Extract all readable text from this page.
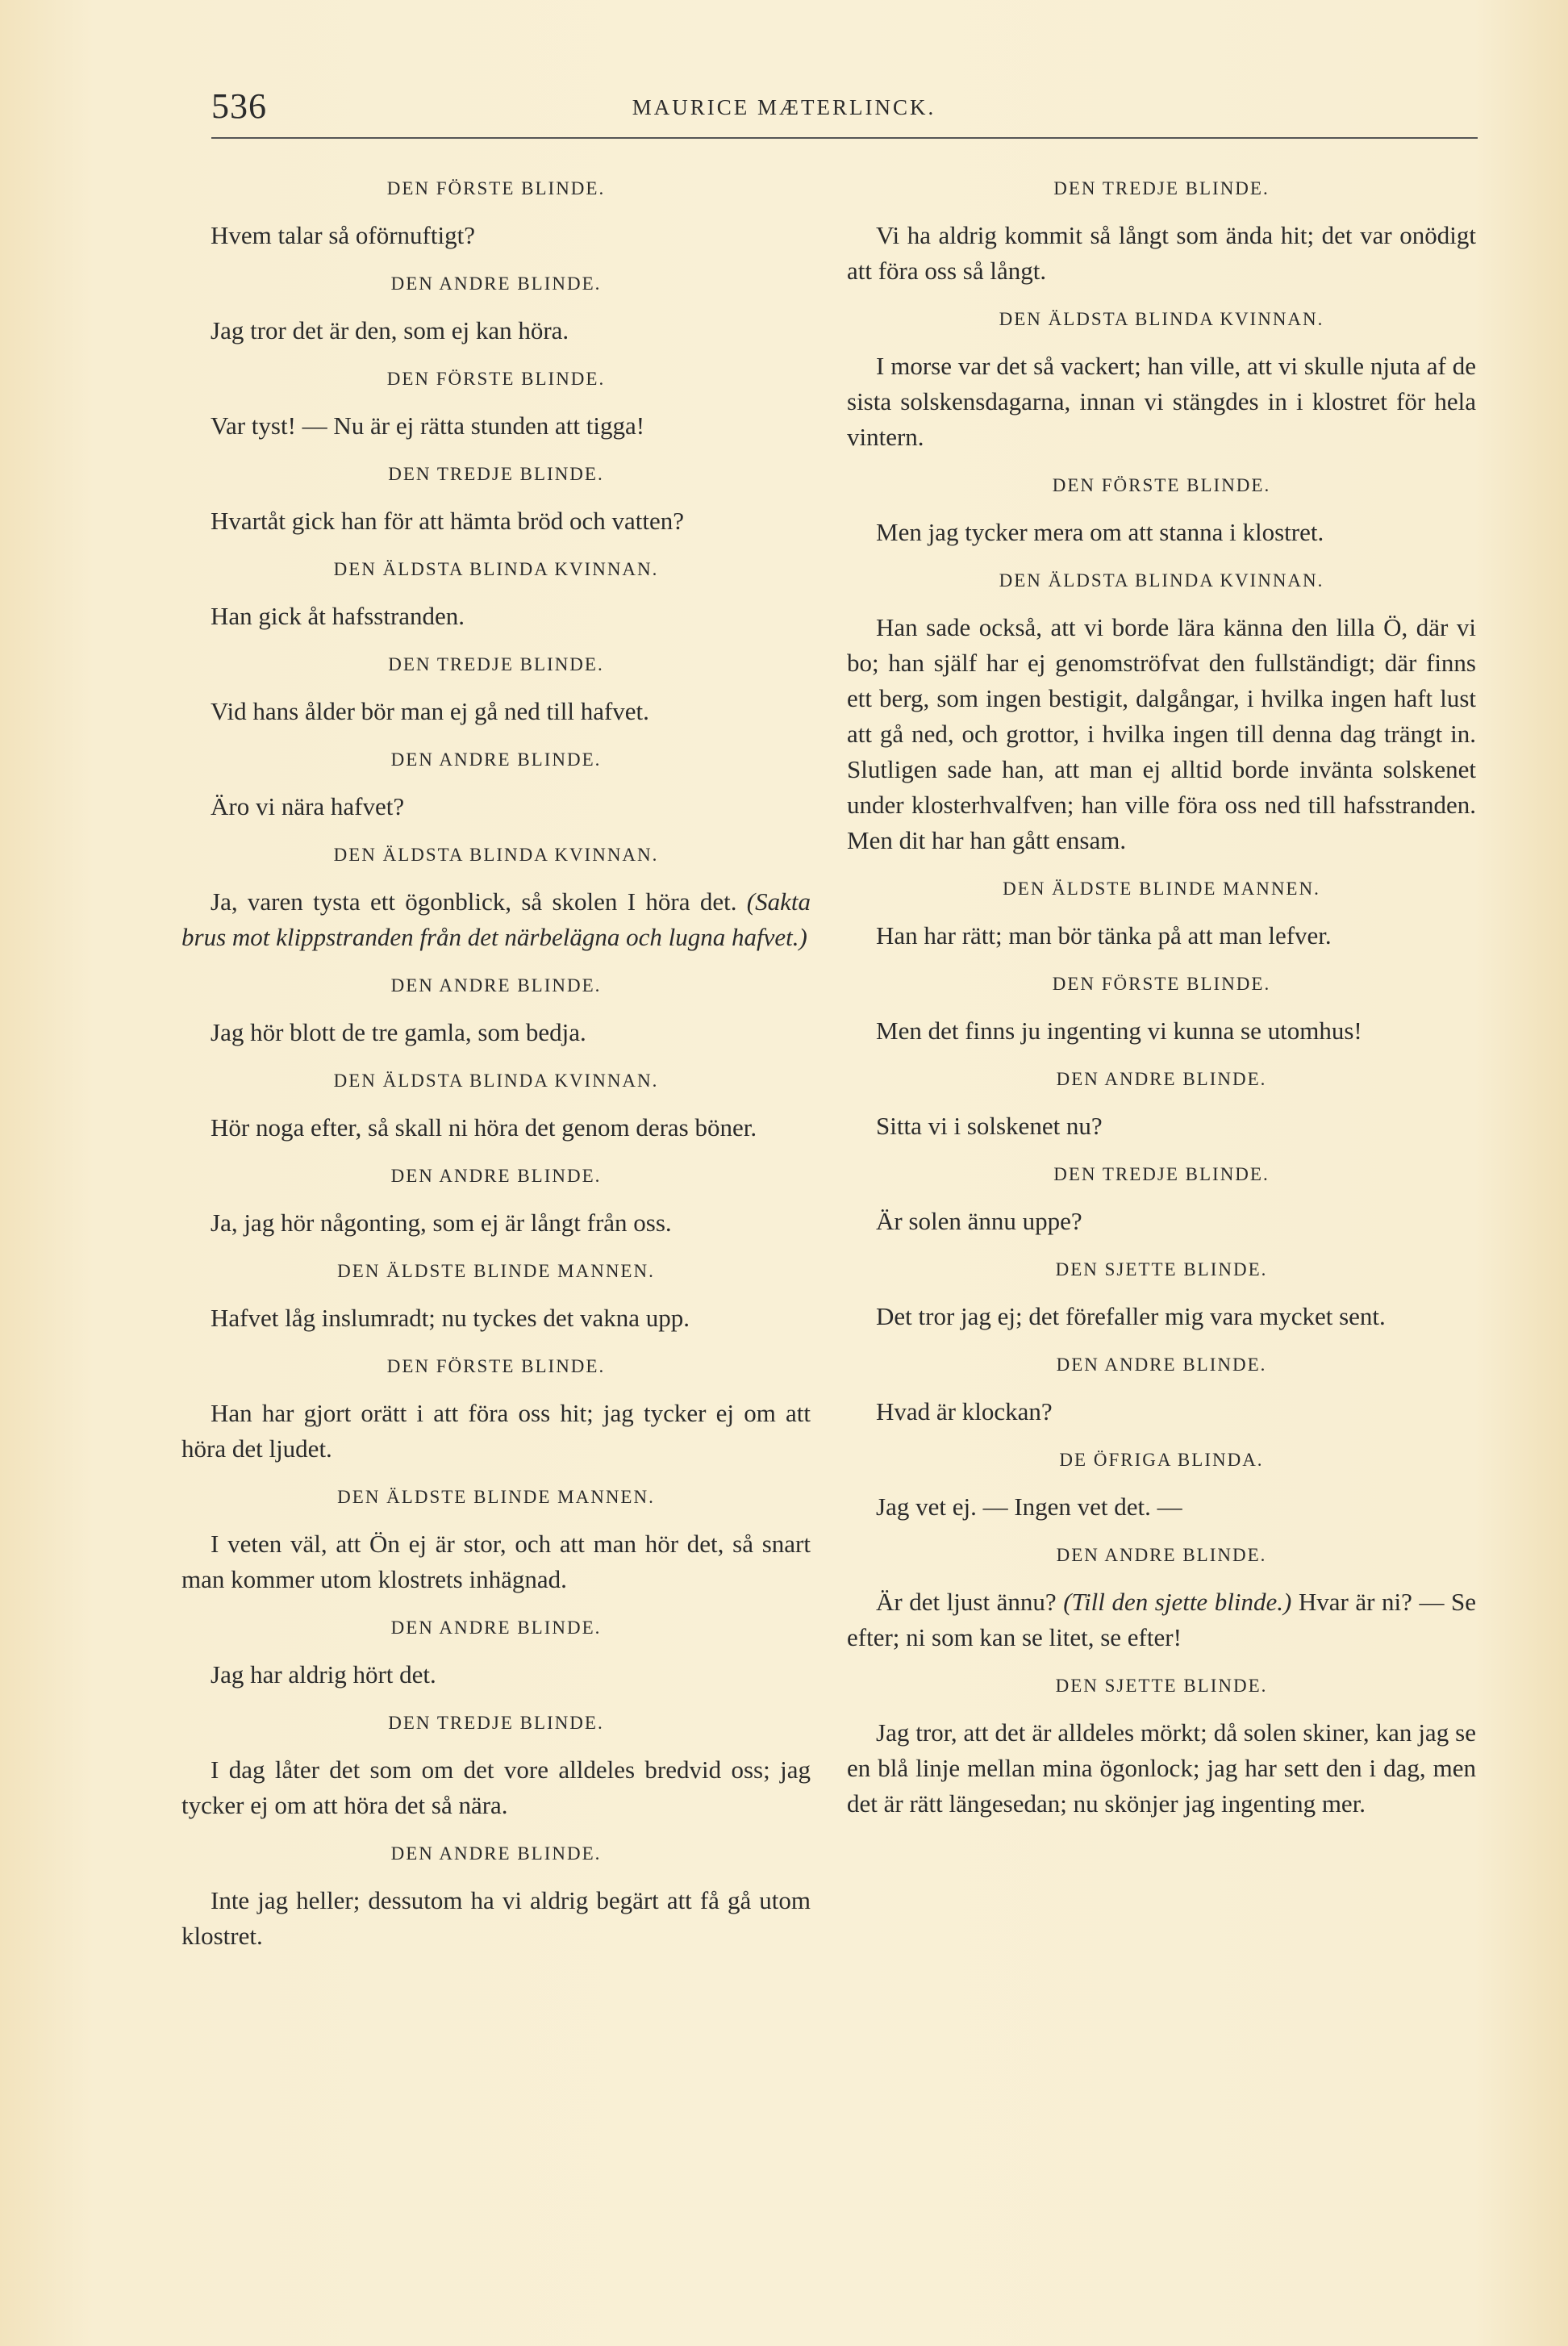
536	MAURICE MÆTERLINCK.
DEN FÖRSTE BLINDE.

Hvem talar så oförnuftigt?

DEN ANDRE BLINDE.

Jag tror det är den, som ej kan höra.

DEN FÖRSTE BLINDE.

Var tyst! — Nu är ej rätta stunden att tigga!

DEN TREDJE BLINDE.

Hvartåt gick han för att hämta bröd och vatten?

DEN ÄLDSTA BLINDA KVINNAN.

Han gick åt hafsstranden.

DEN TREDJE BLINDE.

Vid hans ålder bör man ej gå ned till hafvet.

DEN ANDRE BLINDE.

Äro vi nära hafvet?

DEN ÄLDSTA BLINDA KVINNAN.

Ja, varen tysta ett ögonblick, så skolen I höra det. (Sakta brus mot klippstranden från det närbelägna och lugna hafvet.)

DEN ANDRE BLINDE.

Jag hör blott de tre gamla, som bedja.

DEN ÄLDSTA BLINDA KVINNAN.

Hör noga efter, så skall ni höra det genom deras böner.

DEN ANDRE BLINDE.

Ja, jag hör någonting, som ej är långt från oss.

DEN ÄLDSTE BLINDE MANNEN.

Hafvet låg inslumradt; nu tyckes det vakna upp.

DEN FÖRSTE BLINDE.

Han har gjort orätt i att föra oss hit; jag tycker ej om att höra det ljudet.

DEN ÄLDSTE BLINDE MANNEN.

I veten väl, att Ön ej är stor, och att man hör det, så snart man kommer utom klostrets inhägnad.

DEN ANDRE BLINDE.

Jag har aldrig hört det.

DEN TREDJE BLINDE.

I dag låter det som om det vore alldeles bredvid oss; jag tycker ej om att höra det så nära.

DEN ANDRE BLINDE.

Inte jag heller; dessutom ha vi aldrig begärt att få gå utom klostret.

DEN TREDJE BLINDE.

Vi ha aldrig kommit så långt som ända hit; det var onödigt att föra oss så långt.

DEN ÄLDSTA BLINDA KVINNAN.

I morse var det så vackert; han ville, att vi skulle njuta af de sista solskensdagarna, innan vi stängdes in i klostret för hela vintern.

DEN FÖRSTE BLINDE.

Men jag tycker mera om att stanna i klostret.

DEN ÄLDSTA BLINDA KVINNAN.

Han sade också, att vi borde lära känna den lilla Ö, där vi bo; han själf har ej genomströfvat den fullständigt; där finns ett berg, som ingen bestigit, dalgångar, i hvilka ingen haft lust att gå ned, och grottor, i hvilka ingen till denna dag trängt in. Slutligen sade han, att man ej alltid borde invänta solskenet under klosterhvalfven; han ville föra oss ned till hafsstranden. Men dit har han gått ensam.

DEN ÄLDSTE BLINDE MANNEN.

Han har rätt; man bör tänka på att man lefver.

DEN FÖRSTE BLINDE.

Men det finns ju ingenting vi kunna se utomhus!

DEN ANDRE BLINDE.

Sitta vi i solskenet nu?

DEN TREDJE BLINDE.

Är solen ännu uppe?

DEN SJETTE BLINDE.

Det tror jag ej; det förefaller mig vara mycket sent.

DEN ANDRE BLINDE.

Hvad är klockan?

DE ÖFRIGA BLINDA.

Jag vet ej. — Ingen vet det. —

DEN ANDRE BLINDE.

Är det ljust ännu? (Till den sjette blinde.) Hvar är ni? — Se efter; ni som kan se litet, se efter!

DEN SJETTE BLINDE.

Jag tror, att det är alldeles mörkt; då solen skiner, kan jag se en blå linje mellan mina ögonlock; jag har sett den i dag, men det är rätt längesedan; nu skönjer jag ingenting mer.
